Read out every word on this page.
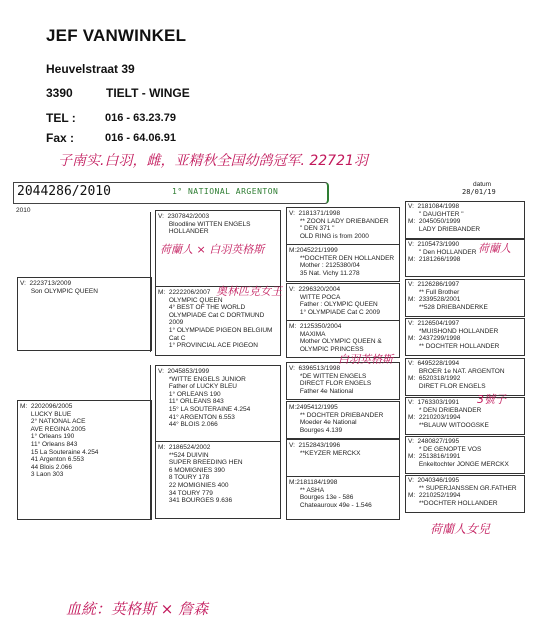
JEF VANWINKEL
Heuvelstraat 39
3390	TIELT - WINGE
TEL :	016 - 63.23.79
Fax :	016 - 64.06.91
子南实.白羽，雌，亚精秋全国幼鸽冠军. 22721羽
2044286/2010	1° NATIONAL ARGENTON
datum
28/01/19
2010
V:  2223713/2009
Son OLYMPIC QUEEN
M:  2202096/2005
LUCKY BLUE
2° NATIONAL ACE
AVE REGINA 2005
1° Orleans 190
11° Orleans 843
15 La Souteraine 4.254
41 Argenton 6.553
44 Blois 2.066
3 Laon 303
V:  2307842/2003
Bloodline WITTEN ENGELS
HOLLANDER
M:  2222206/2007
OLYMPIC QUEEN
4° BEST OF THE WORLD
OLYMPIADE Cat C DORTMUND
2009
1° OLYMPIADE PIGEON BELGIUM
Cat C
1° PROVINCIAL ACE PIGEON
V:  2045853/1999
*WITTE ENGELS JUNIOR
Father of LUCKY BLEU
1° ORLEANS 190
11° ORLEANS 843
15° LA SOUTERAINE 4.254
41° ARGENTON 6.553
44° BLOIS 2.066
M:  2186524/2002
**524 DUIVIN
SUPER BREEDING HEN
6 MOMIGNIES 390
8 TOURY 178
22 MOMIGNIES 400
34 TOURY 779
341 BOURGES 9.636
V:  2181371/1998
** ZOON LADY DRIEBANDER
" DEN 371 "
OLD RING is from 2000
M:2045221/1999
**DOCHTER DEN HOLLANDER
Mother : 2125380/04
35 Nat. Vichy 11.278
V:  2296320/2004
WITTE POCA
Father : OLYMPIC QUEEN
1° OLYMPIADE Cat C 2009
M:  2125350/2004
MAXIMA
Mother OLYMPIC QUEEN &
OLYMPIC PRINCESS
V:  6396513/1998
*DE WITTEN ENGELS
DIRECT FLOR ENGELS
Father 4e National
M:2495412/1995
** DOCHTER DRIEBANDER
Moeder 4e National
Bourges 4.139
V:  2152843/1996
**KEYZER MERCKX
M:2181184/1998
** ASHA
Bourges 13e - 586
Chateauroux 49e - 1.546
V:  2181084/1998
" DAUGHTER "
M:  2045050/1999
LADY DRIEBANDER
V:  2105473/1990
" Den HOLLANDER
M:  2181266/1998
V:  2126286/1997
** Full Brother
M:  2339528/2001
**528 DRIEBANDERKE
V:  2126504/1997
*MUISHOND HOLLANDER
M:  2437299/1998
** DOCHTER HOLLANDER
V:  6495228/1994
BROER 1e NAT. ARGENTON
M:  6520318/1992
DIRET FLOR ENGELS
V:  1763303/1991
* DEN DRIEBANDER
M:  2210203/1994
**BLAUW WITOOGSKE
V:  2480827/1995
* DE GENOPTE VOS
M:  2513816/1991
Enkeltochter JONGE MERCKX
V:  2040346/1995
** SUPERJANSSEN GR.FATHER
M:  2210252/1994
**DOCHTER HOLLANDER
荷蘭人 × 白羽英格斯
奥林匹克女王
白羽英格斯
荷蘭人
3號子
荷蘭人女兒
血統：英格斯 × 詹森
